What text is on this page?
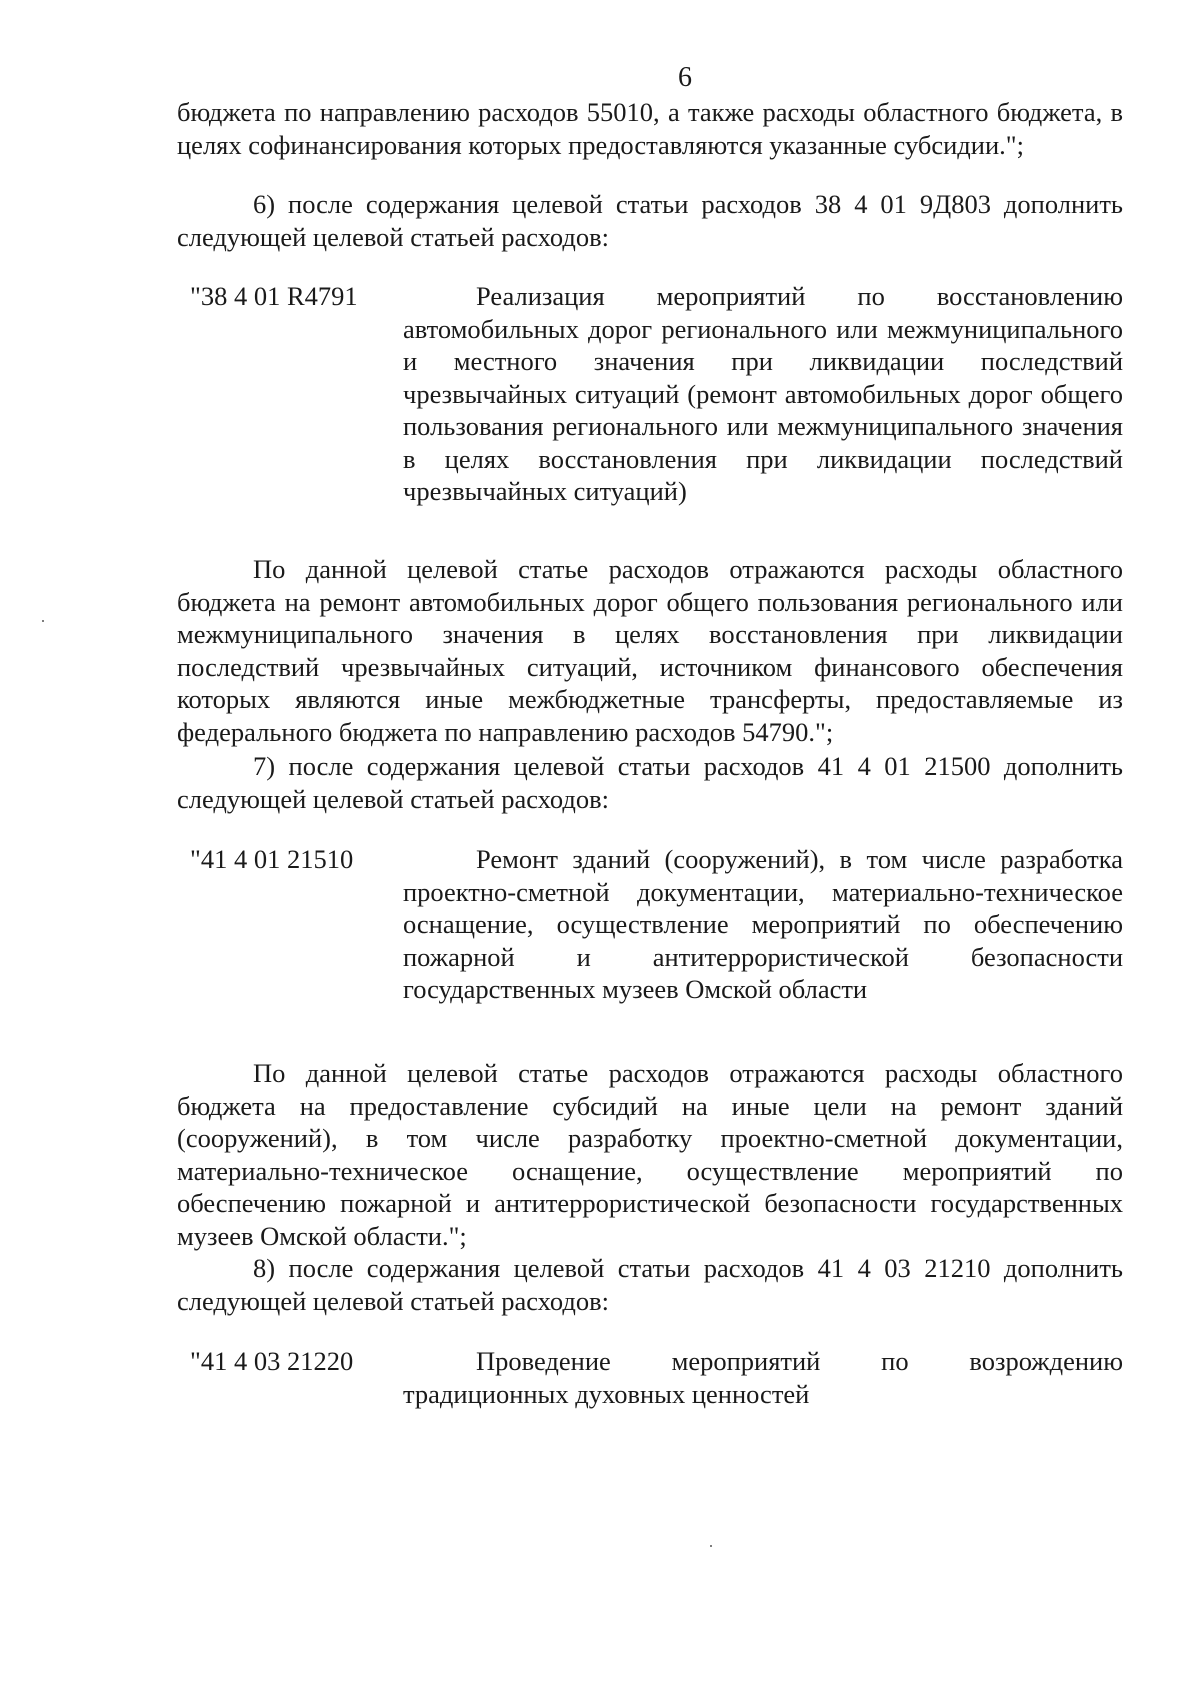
6
бюджета по направлению расходов 55010, а также расходы областного бюджета, в целях софинансирования которых предоставляются указанные субсидии.";
6) после содержания целевой статьи расходов 38 4 01 9Д803 дополнить следующей целевой статьей расходов:
"38 4 01 R4791	Реализация мероприятий по восстановлению автомобильных дорог регионального или межмуниципального и местного значения при ликвидации последствий чрезвычайных ситуаций (ремонт автомобильных дорог общего пользования регионального или межмуниципального значения в целях восстановления при ликвидации последствий чрезвычайных ситуаций)
По данной целевой статье расходов отражаются расходы областного бюджета на ремонт автомобильных дорог общего пользования регионального или межмуниципального значения в целях восстановления при ликвидации последствий чрезвычайных ситуаций, источником финансового обеспечения которых являются иные межбюджетные трансферты, предоставляемые из федерального бюджета по направлению расходов 54790.";
7) после содержания целевой статьи расходов 41 4 01 21500 дополнить следующей целевой статьей расходов:
"41 4 01 21510	Ремонт зданий (сооружений), в том числе разработка проектно-сметной документации, материально-техническое оснащение, осуществление мероприятий по обеспечению пожарной и антитеррористической безопасности государственных музеев Омской области
По данной целевой статье расходов отражаются расходы областного бюджета на предоставление субсидий на иные цели на ремонт зданий (сооружений), в том числе разработку проектно-сметной документации, материально-техническое оснащение, осуществление мероприятий по обеспечению пожарной и антитеррористической безопасности государственных музеев Омской области.";
8) после содержания целевой статьи расходов 41 4 03 21210 дополнить следующей целевой статьей расходов:
"41 4 03 21220	Проведение мероприятий по возрождению традиционных духовных ценностей
